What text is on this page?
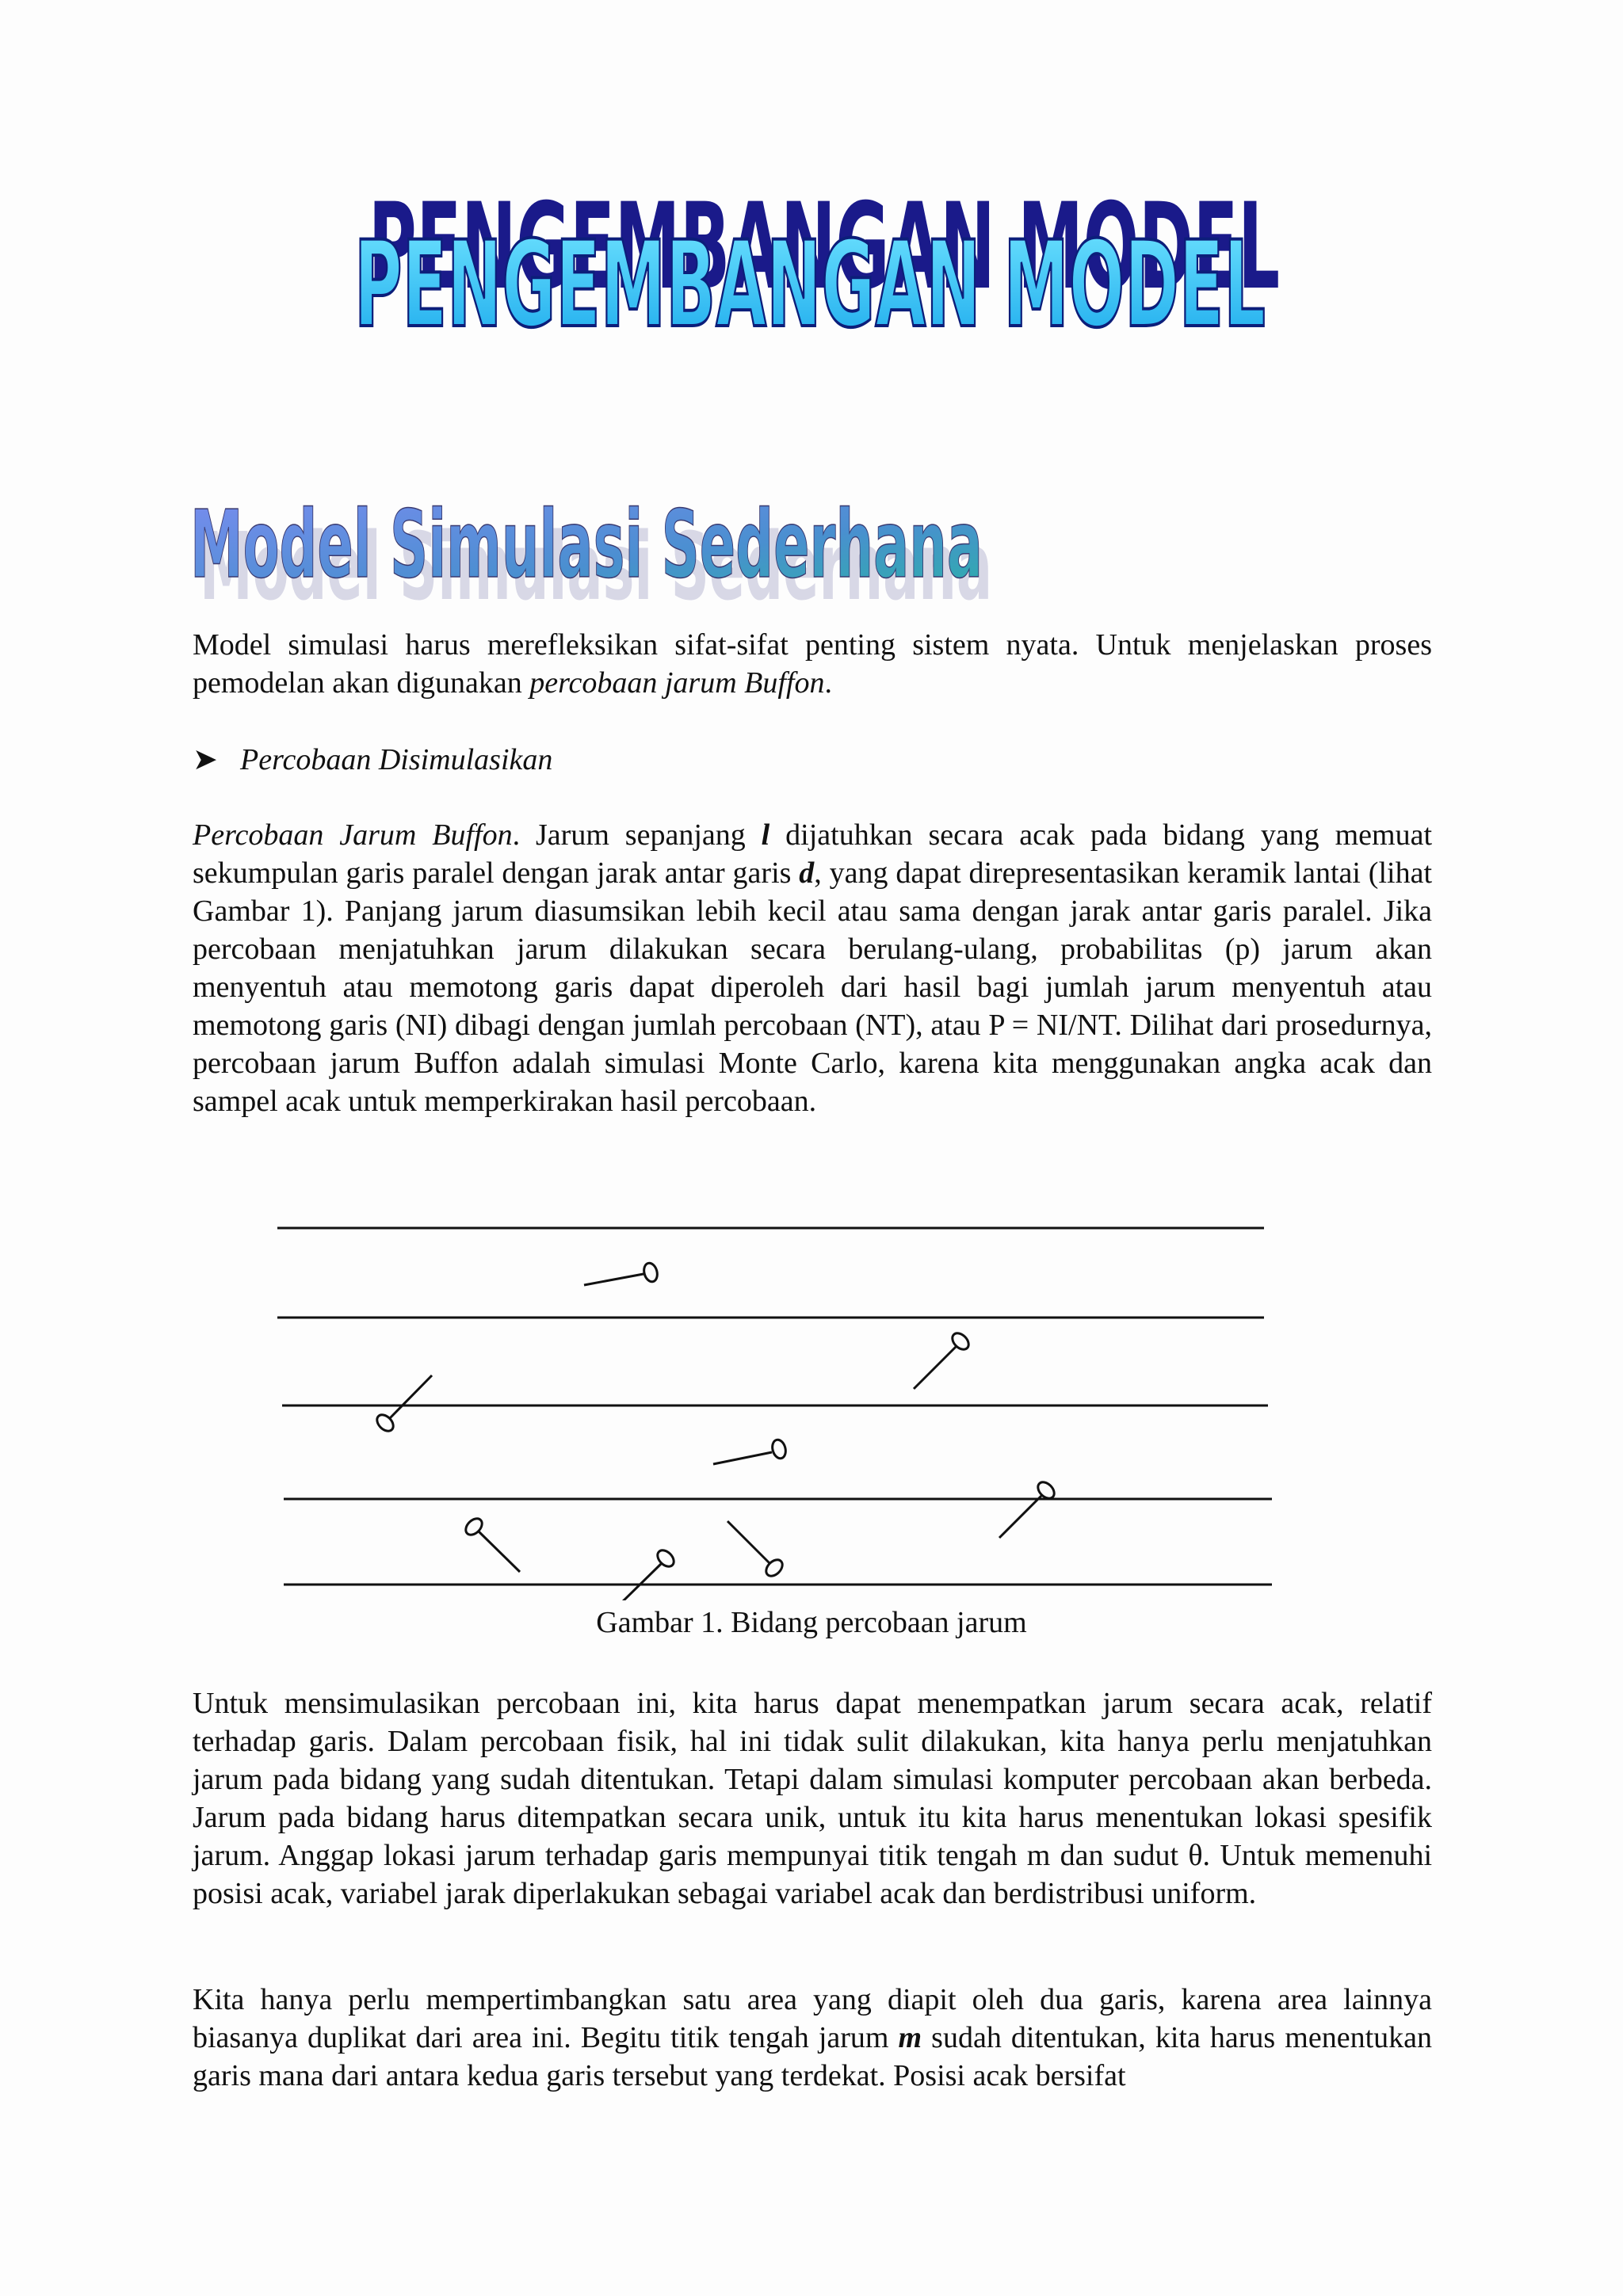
PENGEMBANGAN MODEL
PENGEMBANGAN MODEL
Model Simulasi Sederhana
Model Simulasi Sederhana

Model simulasi harus merefleksikan sifat-sifat penting sistem nyata. Untuk menjelaskan proses pemodelan akan digunakan percobaan jarum Buffon.

➤ Percobaan Disimulasikan

Percobaan Jarum Buffon. Jarum sepanjang l dijatuhkan secara acak pada bidang yang memuat sekumpulan garis paralel dengan jarak antar garis d, yang dapat direpresentasikan keramik lantai (lihat Gambar 1). Panjang jarum diasumsikan lebih kecil atau sama dengan jarak antar garis paralel. Jika percobaan menjatuhkan jarum dilakukan secara berulang-ulang, probabilitas (p) jarum akan menyentuh atau memotong garis dapat diperoleh dari hasil bagi jumlah jarum menyentuh atau memotong garis (NI) dibagi dengan jumlah percobaan (NT), atau P = NI/NT. Dilihat dari prosedurnya, percobaan jarum Buffon adalah simulasi Monte Carlo, karena kita menggunakan angka acak dan sampel acak untuk memperkirakan hasil percobaan.

Gambar 1. Bidang percobaan jarum

Untuk mensimulasikan percobaan ini, kita harus dapat menempatkan jarum secara acak, relatif terhadap garis. Dalam percobaan fisik, hal ini tidak sulit dilakukan, kita hanya perlu menjatuhkan jarum pada bidang yang sudah ditentukan. Tetapi dalam simulasi komputer percobaan akan berbeda. Jarum pada bidang harus ditempatkan secara unik, untuk itu kita harus menentukan lokasi spesifik jarum. Anggap lokasi jarum terhadap garis mempunyai titik tengah m dan sudut θ. Untuk memenuhi posisi acak, variabel jarak diperlakukan sebagai variabel acak dan berdistribusi uniform.

Kita hanya perlu mempertimbangkan satu area yang diapit oleh dua garis, karena area lainnya biasanya duplikat dari area ini. Begitu titik tengah jarum m sudah ditentukan, kita harus menentukan garis mana dari antara kedua garis tersebut yang terdekat. Posisi acak bersifat
